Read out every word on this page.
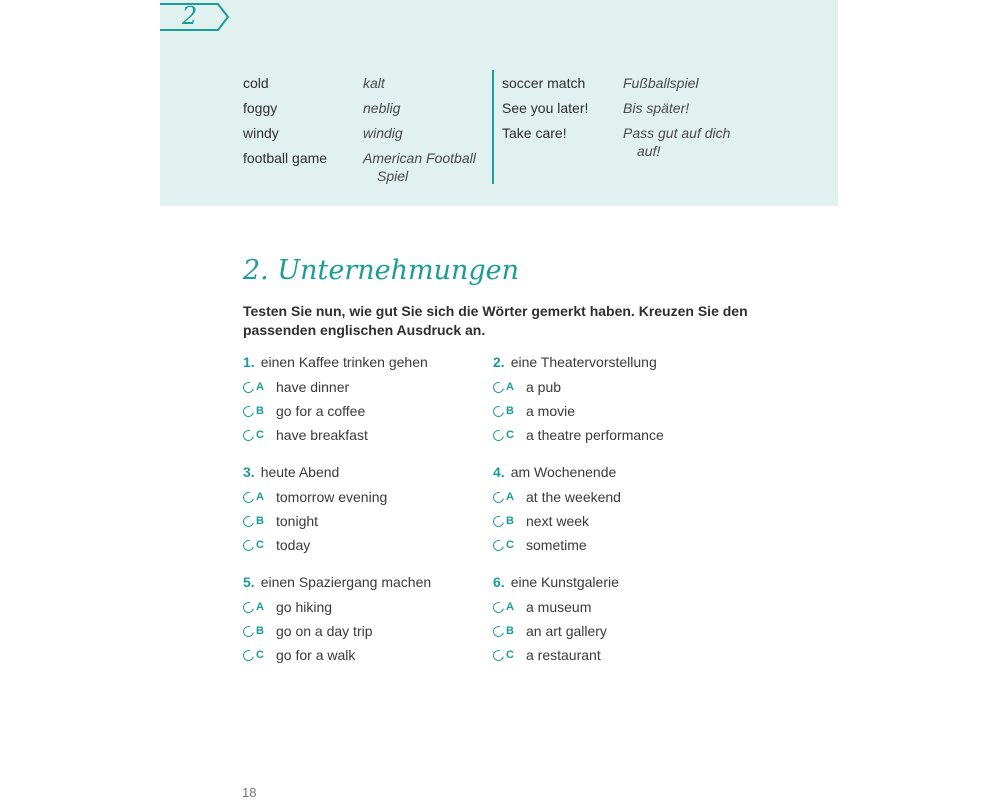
2
cold	kalt
foggy	neblig
windy	windig
football game	American Football
Spiel
soccer match	Fußballspiel
See you later! Bis später!
Take care!	Pass gut auf dich
auf!
2. Unternehmungen
Testen Sie nun, wie gut Sie sich die Wörter gemerkt haben. Kreuzen Sie den passenden englischen Ausdruck an.
1. einen Kaffee trinken gehen
A have dinner
B go for a coffee
C have breakfast
2. eine Theatervorstellung
A a pub
B a movie
C a theatre performance
3. heute Abend
A tomorrow evening
B tonight
C today
4. am Wochenende
A at the weekend
B next week
C sometime
5. einen Spaziergang machen
A go hiking
B go on a day trip
C go for a walk
6. eine Kunstgalerie
A a museum
B an art gallery
C a restaurant
18
